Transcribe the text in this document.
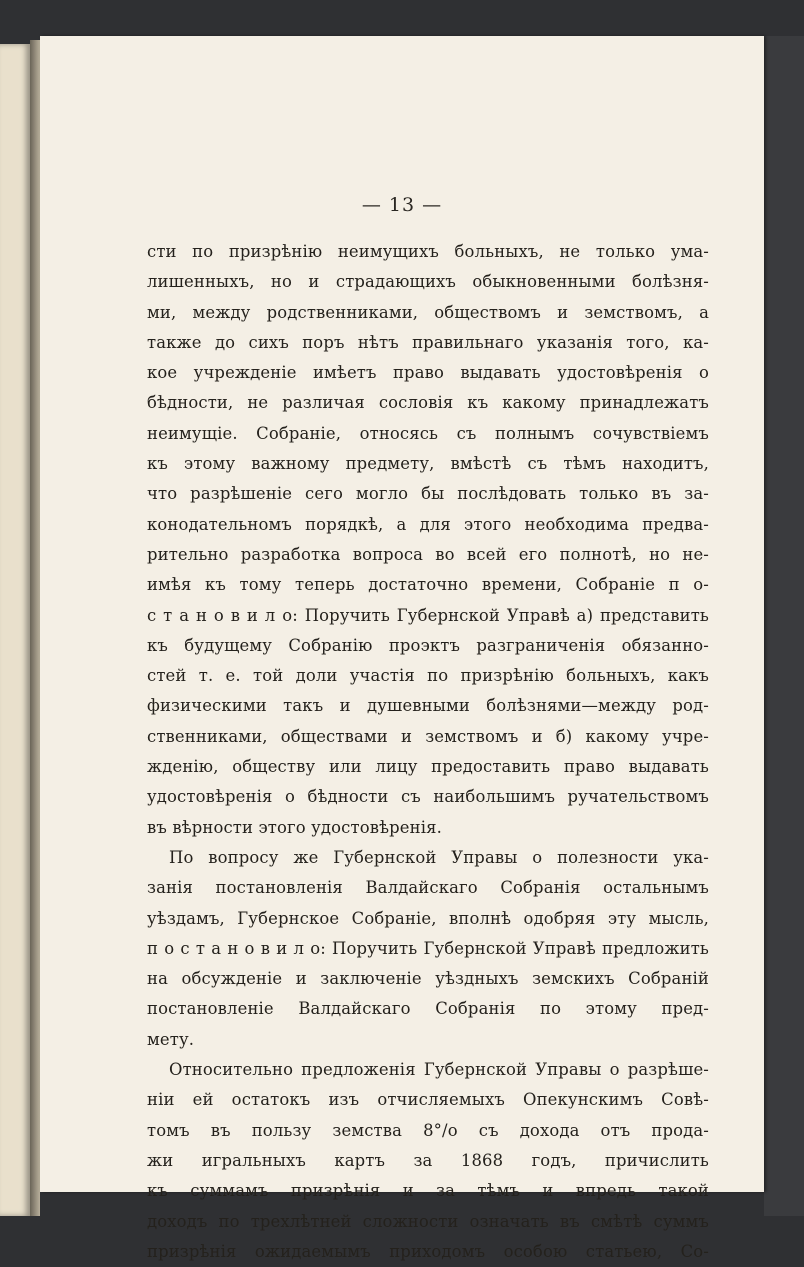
— 13 —
сти по призрѣнію неимущихъ больныхъ, не только ума-
лишенныхъ, но и страдающихъ обыкновенными болѣзня-
ми, между родственниками, обществомъ и земствомъ, а
также до сихъ поръ нѣтъ правильнаго указанія того, ка-
кое учрежденіе имѣетъ право выдавать удостовѣренія о
бѣдности, не различая сословія къ какому принадлежатъ
неимущіе. Собраніе, относясь съ полнымъ сочувствіемъ
къ этому важному предмету, вмѣстѣ съ тѣмъ находитъ,
что разрѣшеніе сего могло бы послѣдовать только въ за-
конодательномъ порядкѣ, а для этого необходима предва-
рительно разработка вопроса во всей его полнотѣ, но не-
имѣя къ тому теперь достаточно времени, Собраніе п о-
с т а н о в и л о: Поручить Губернской Управѣ а) представить
къ будущему Собранію проэктъ разграниченія обязанно-
стей т. е. той доли участія по призрѣнію больныхъ, какъ
физическими такъ и душевными болѣзнями—между род-
ственниками, обществами и земствомъ и б) какому учре-
жденію, обществу или лицу предоставить право выдавать
удостовѣренія о бѣдности съ наибольшимъ ручательствомъ
въ вѣрности этого удостовѣренія.
По вопросу же Губернской Управы о полезности ука-
занія постановленія Валдайскаго Собранія остальнымъ
уѣздамъ, Губернское Собраніе, вполнѣ одобряя эту мысль,
п о с т а н о в и л о: Поручить Губернской Управѣ предложить
на обсужденіе и заключеніе уѣздныхъ земскихъ Собраній
постановленіе Валдайскаго Собранія по этому пред-
мету.
Относительно предложенія Губернской Управы о разрѣше-
ніи ей остатокъ изъ отчисляемыхъ Опекунскимъ Совѣ-
томъ въ пользу земства 8°/о съ дохода отъ прода-
жи игральныхъ картъ за 1868 годъ, причислить
къ суммамъ призрѣнія и за тѣмъ и впредь такой
доходъ по трехлѣтней сложности означать въ смѣтѣ суммъ
призрѣнія ожидаемымъ приходомъ особою статьею, Со-
